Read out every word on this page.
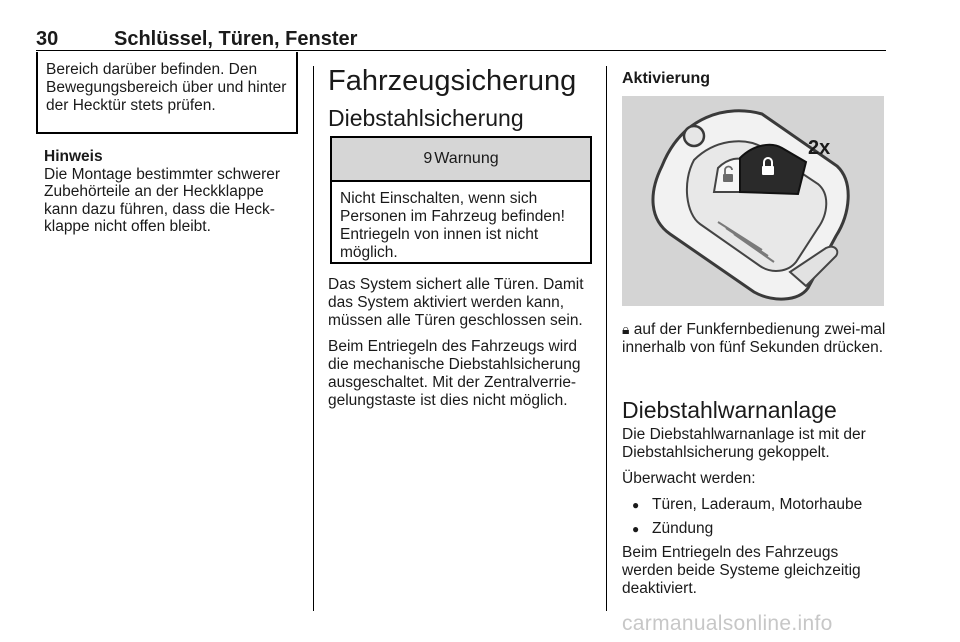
30	Schlüssel, Türen, Fenster
Bereich darüber befinden. Den Bewegungsbereich über und hinter der Hecktür stets prüfen.
Hinweis
Die Montage bestimmter schwerer Zubehörteile an der Heckklappe kann dazu führen, dass die Heck-klappe nicht offen bleibt.
Fahrzeugsicherung
Diebstahlsicherung
9 Warnung
Nicht Einschalten, wenn sich Personen im Fahrzeug befinden! Entriegeln von innen ist nicht möglich.

Das System sichert alle Türen. Damit das System aktiviert werden kann, müssen alle Türen geschlossen sein.

Beim Entriegeln des Fahrzeugs wird die mechanische Diebstahlsicherung ausgeschaltet. Mit der Zentralverrie-gelungstaste ist dies nicht möglich.

Aktivierung
2x
🔒︎ auf der Funkfernbedienung zwei-mal innerhalb von fünf Sekunden drücken.
Diebstahlwarnanlage

Die Diebstahlwarnanlage ist mit der Diebstahlsicherung gekoppelt.

Überwacht werden:

● Türen, Laderaum, Motorhaube
● Zündung

Beim Entriegeln des Fahrzeugs werden beide Systeme gleichzeitig deaktiviert.

carmanualsonline.info
